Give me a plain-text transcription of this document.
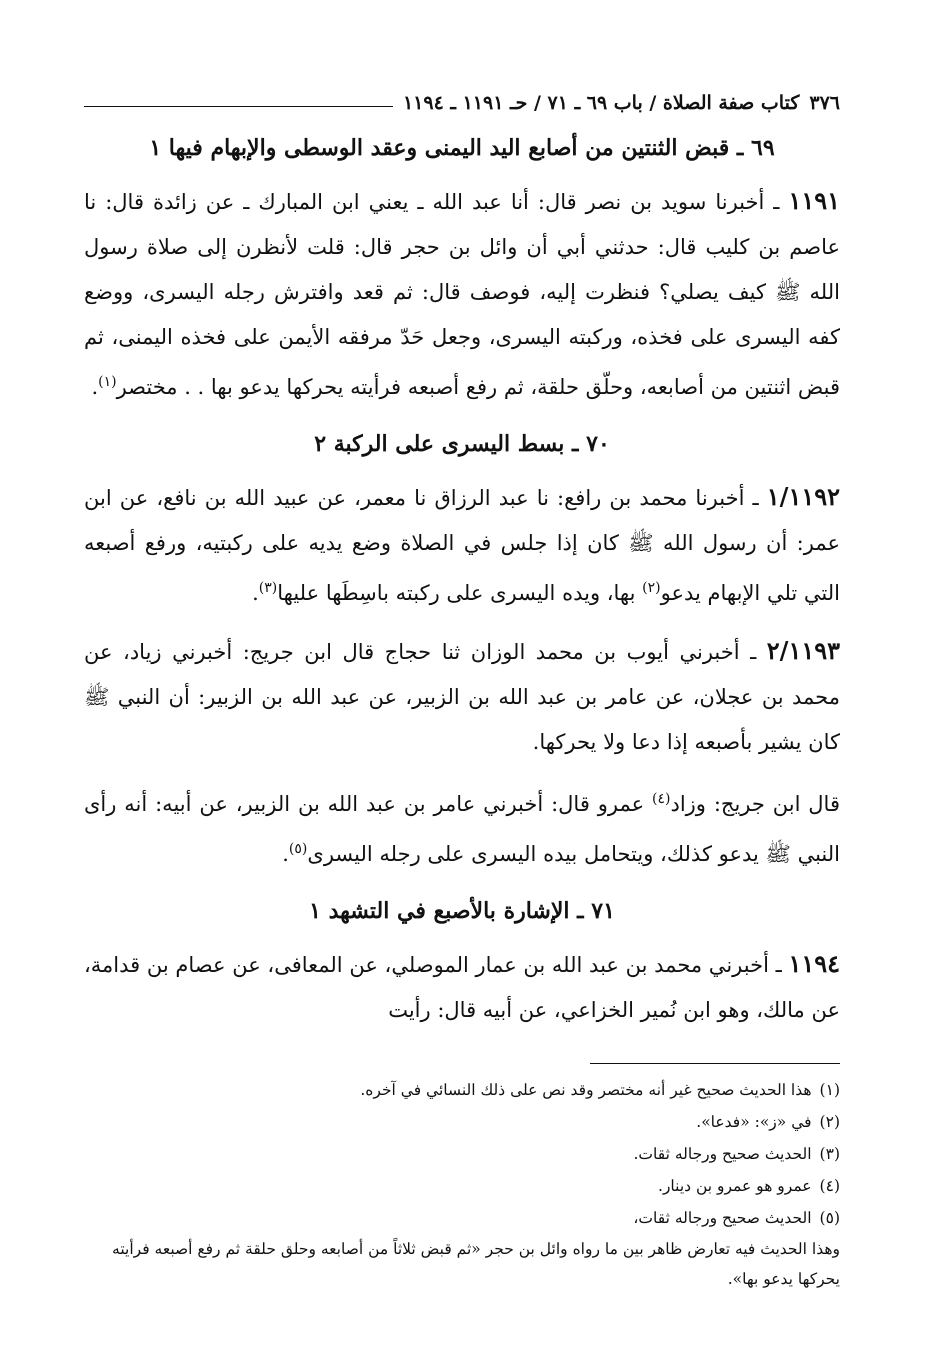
٣٧٦
كتاب صفة الصلاة / باب ٦٩ ـ ٧١ / حـ ١١٩١ ـ ١١٩٤
٦٩ ـ قبض الثنتين من أصابع اليد اليمنى وعقد الوسطى والإبهام فيها ١

١١٩١ ـ أخبرنا سويد بن نصر قال: أنا عبد الله ـ يعني ابن المبارك ـ عن زائدة قال: نا عاصم بن كليب قال: حدثني أبي أن وائل بن حجر قال: قلت لأنظرن إلى صلاة رسول الله ﷺ كيف يصلي؟ فنظرت إليه، فوصف قال: ثم قعد وافترش رجله اليسرى، ووضع كفه اليسرى على فخذه، وركبته اليسرى، وجعل حَدّ مرفقه الأيمن على فخذه اليمنى، ثم قبض اثنتين من أصابعه، وحلّق حلقة، ثم رفع أصبعه فرأيته يحركها يدعو بها . . مختصر$^{(١)}$.

٧٠ ـ بسط اليسرى على الركبة ٢

١/١١٩٢ ـ أخبرنا محمد بن رافع: نا عبد الرزاق نا معمر، عن عبيد الله بن نافع، عن ابن عمر: أن رسول الله ﷺ كان إذا جلس في الصلاة وضع يديه على ركبتيه، ورفع أصبعه التي تلي الإبهام يدعو$^{(٢)}$ بها، ويده اليسرى على ركبته باسِطَها عليها$^{(٣)}$.

٢/١١٩٣ ـ أخبرني أيوب بن محمد الوزان ثنا حجاج قال ابن جريج: أخبرني زياد، عن محمد بن عجلان، عن عامر بن عبد الله بن الزبير، عن عبد الله بن الزبير: أن النبي ﷺ كان يشير بأصبعه إذا دعا ولا يحركها.

قال ابن جريج: وزاد$^{(٤)}$ عمرو قال: أخبرني عامر بن عبد الله بن الزبير، عن أبيه: أنه رأى النبي ﷺ يدعو كذلك، ويتحامل بيده اليسرى على رجله اليسرى$^{(٥)}$.

٧١ ـ الإشارة بالأصبع في التشهد ١

١١٩٤ ـ أخبرني محمد بن عبد الله بن عمار الموصلي، عن المعافى، عن عصام بن قدامة، عن مالك، وهو ابن نُمير الخزاعي، عن أبيه قال: رأيت

(١)
هذا الحديث صحيح غير أنه مختصر وقد نص على ذلك النسائي في آخره.
(٢)
في «ز»: «فدعا».
(٣)
الحديث صحيح ورجاله ثقات.
(٤)
عمرو هو عمرو بن دينار.
(٥)
الحديث صحيح ورجاله ثقات،
وهذا الحديث فيه تعارض ظاهر بين ما رواه وائل بن حجر «ثم قبض ثلاثاً من أصابعه وحلق حلقة ثم رفع أصبعه فرأيته يحركها يدعو بها».
